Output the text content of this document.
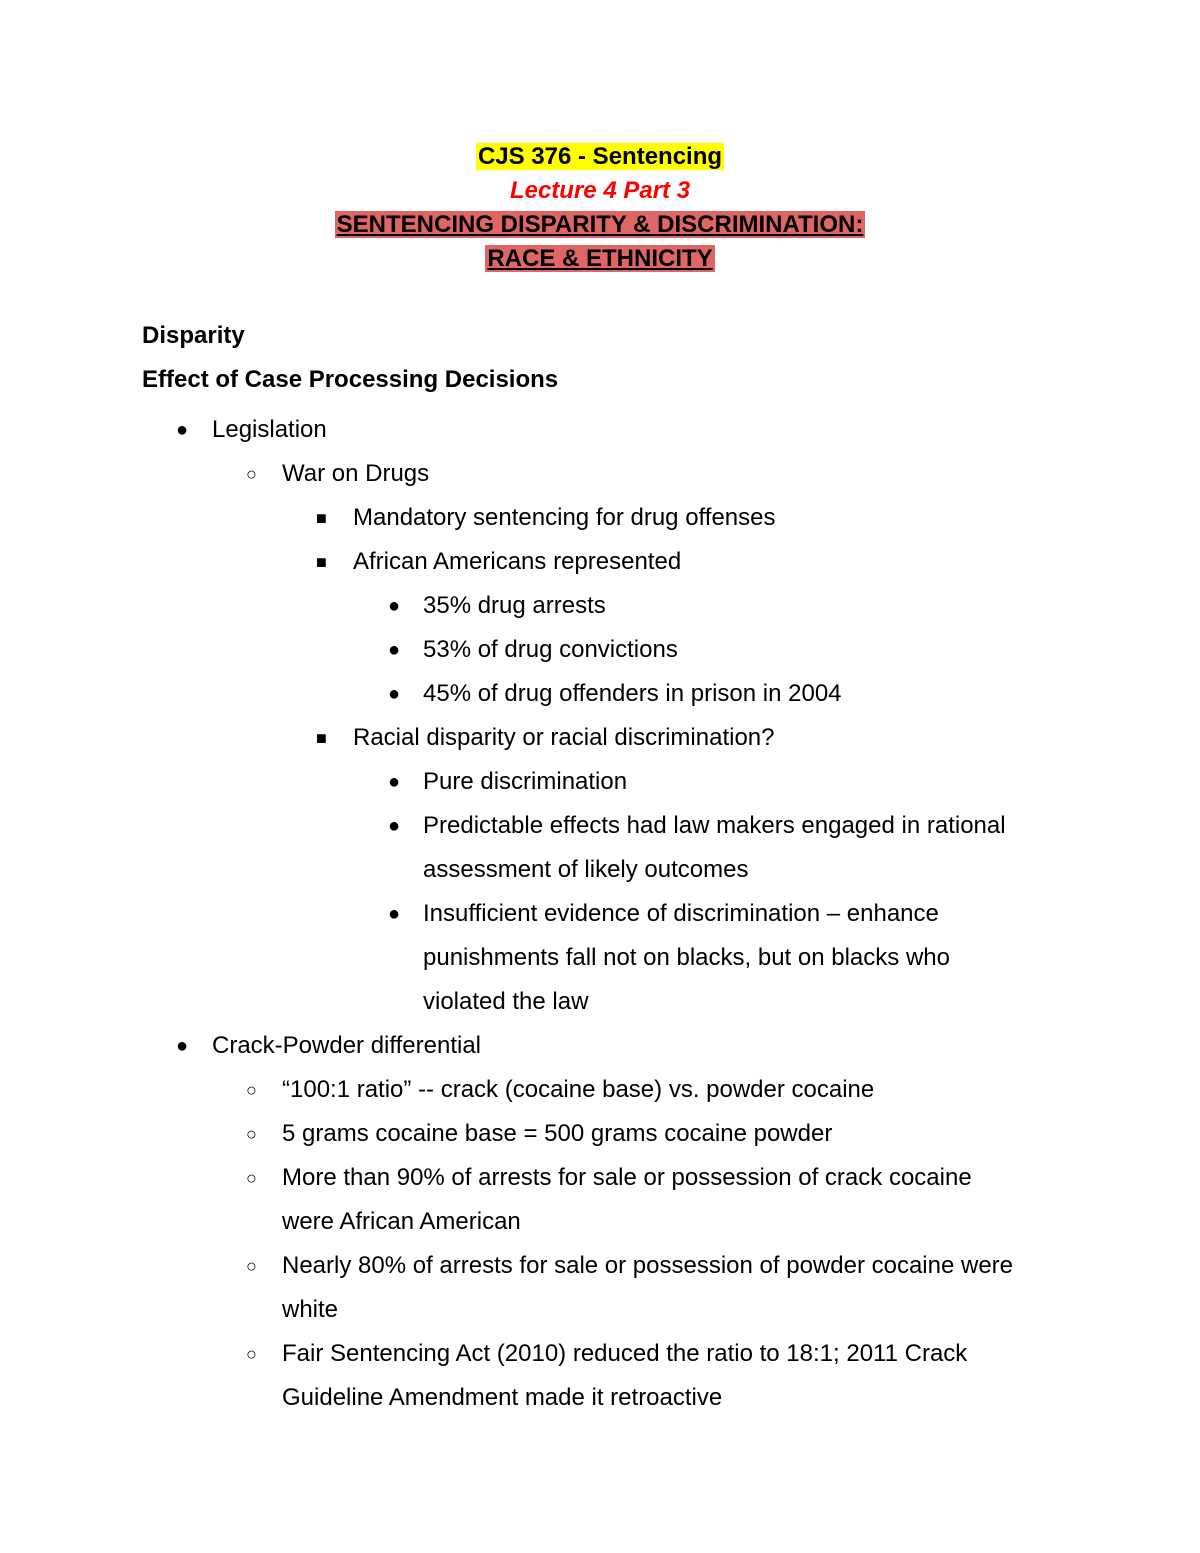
CJS 376 - Sentencing
Lecture 4 Part 3
SENTENCING DISPARITY & DISCRIMINATION:
RACE & ETHNICITY
Disparity
Effect of Case Processing Decisions
● Legislation
○ War on Drugs
■ Mandatory sentencing for drug offenses
■ African Americans represented
● 35% drug arrests
● 53% of drug convictions
● 45% of drug offenders in prison in 2004
■ Racial disparity or racial discrimination?
● Pure discrimination
● Predictable effects had law makers engaged in rational
assessment of likely outcomes
● Insufficient evidence of discrimination – enhance
punishments fall not on blacks, but on blacks who
violated the law
● Crack-Powder differential
○ “100:1 ratio” -- crack (cocaine base) vs. powder cocaine
○ 5 grams cocaine base = 500 grams cocaine powder
○ More than 90% of arrests for sale or possession of crack cocaine
were African American
○ Nearly 80% of arrests for sale or possession of powder cocaine were
white
○ Fair Sentencing Act (2010) reduced the ratio to 18:1; 2011 Crack
Guideline Amendment made it retroactive
